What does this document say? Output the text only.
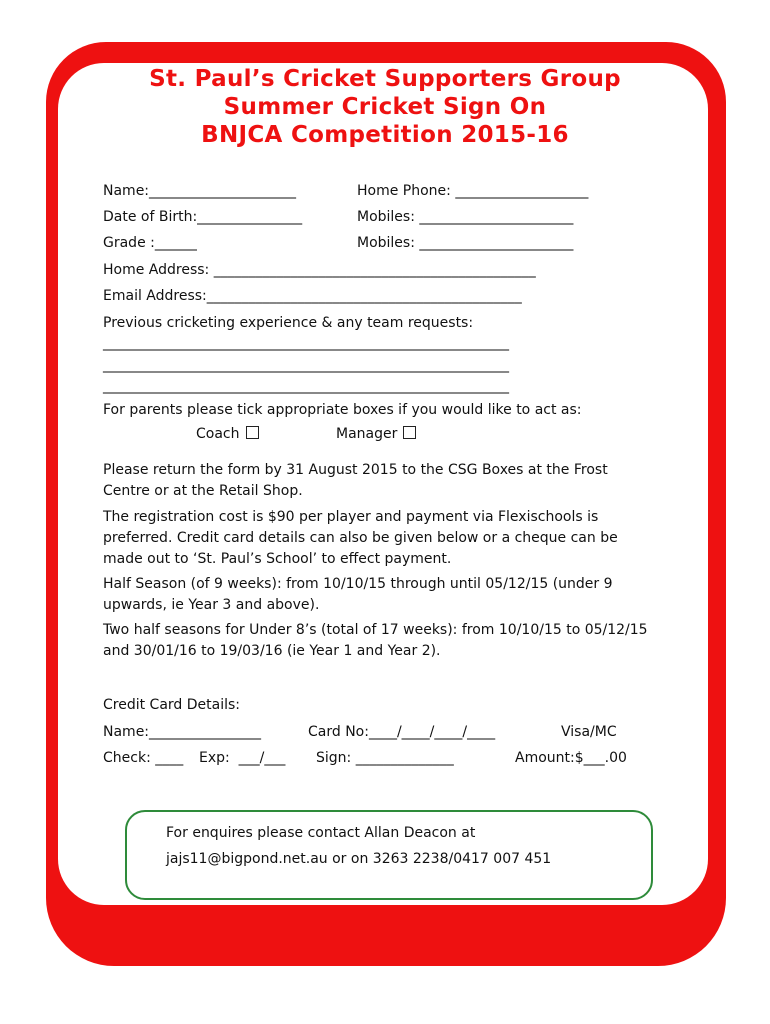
St. Paul’s Cricket Supporters Group
Summer Cricket Sign On
BNJCA Competition 2015-16
Name:_____________________	Home Phone: ___________________
Date of Birth:_______________	Mobiles: ______________________
Grade :______	Mobiles: ______________________
Home Address: ______________________________________________
Email Address:_____________________________________________
Previous cricketing experience & any team requests:
__________________________________________________________
__________________________________________________________
__________________________________________________________
For parents please tick appropriate boxes if you would like to act as:
Coach	Manager
Please return the form by 31 August 2015 to the CSG Boxes at the Frost Centre or at the Retail Shop.
The registration cost is $90 per player and payment via Flexischools is preferred. Credit card details can also be given below or a cheque can be made out to ‘St. Paul’s School’ to effect payment.
Half Season (of 9 weeks): from 10/10/15 through until 05/12/15 (under 9 upwards, ie Year 3 and above).
Two half seasons for Under 8’s (total of 17 weeks): from 10/10/15 to 05/12/15 and 30/01/16 to 19/03/16 (ie Year 1 and Year 2).
Credit Card Details:
Name:________________	Card No:____/____/____/____	Visa/MC
Check: ____ Exp:  ___/___ Sign: ______________	Amount:$___.00
For enquires please contact Allan Deacon at
jajs11@bigpond.net.au or on 3263 2238/0417 007 451
